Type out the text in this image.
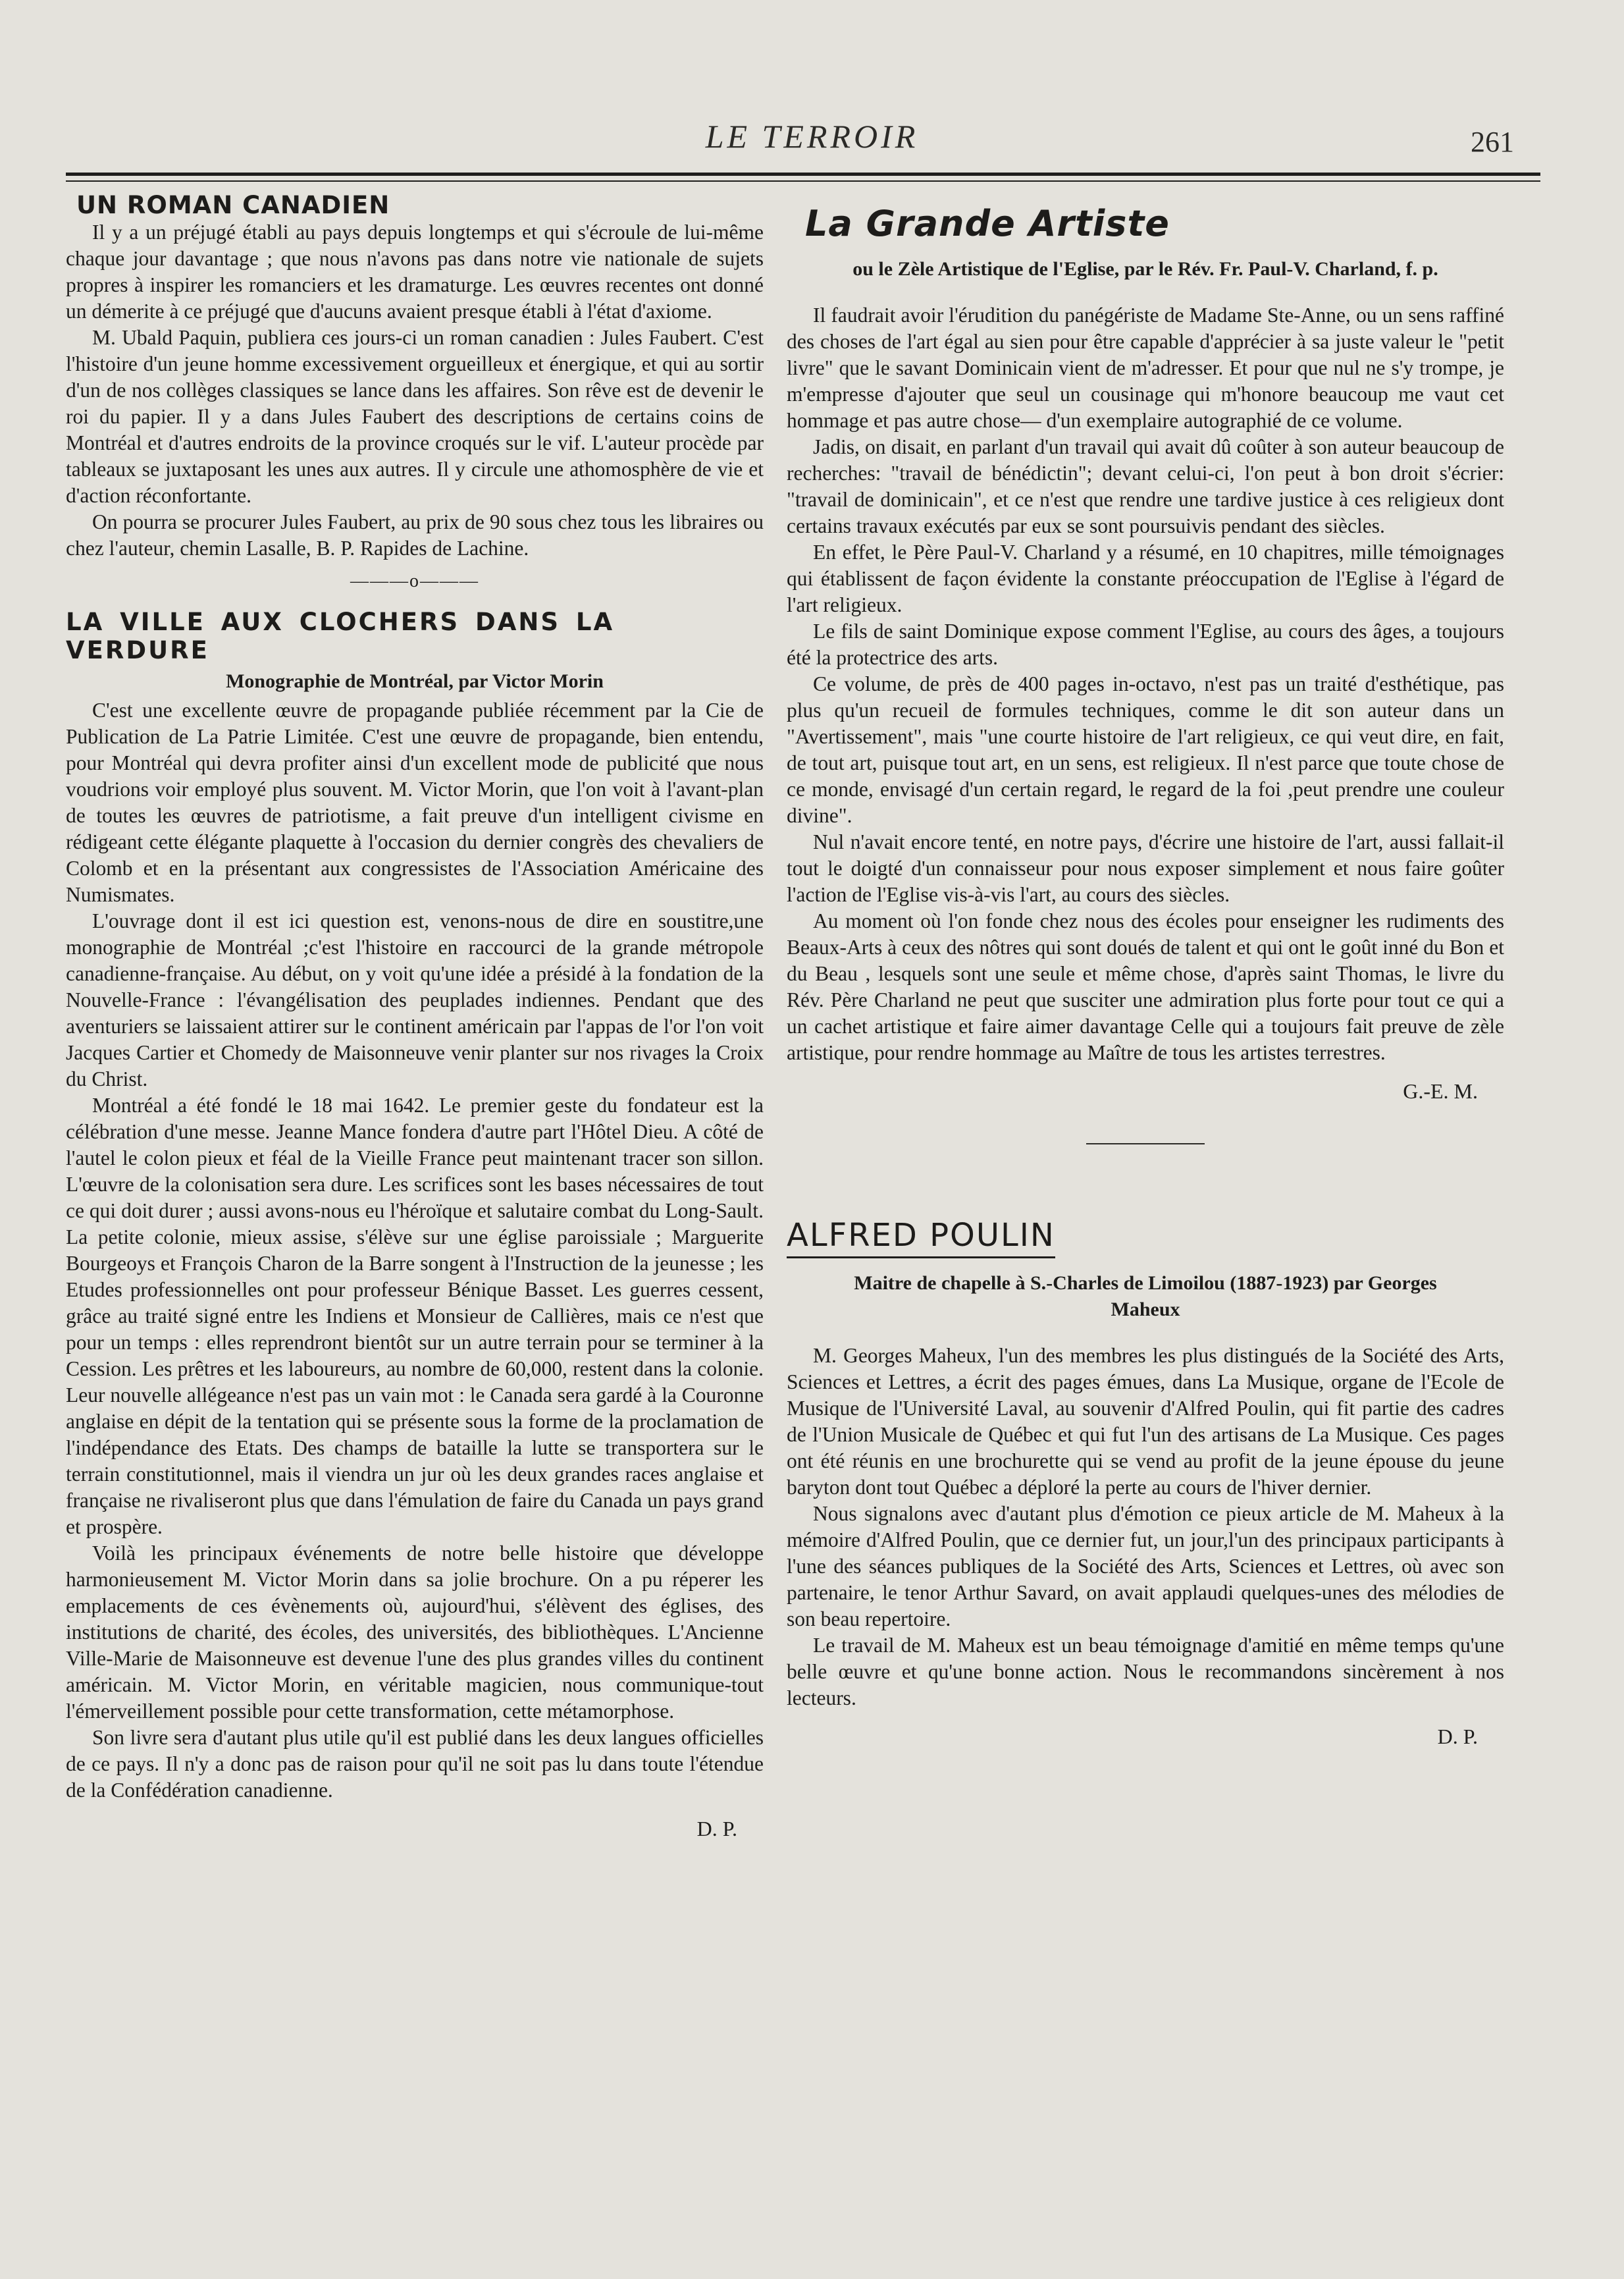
LE TERROIR	261
UN ROMAN CANADIEN

Il y a un préjugé établi au pays depuis longtemps et qui s'écroule de lui-même chaque jour davantage ; que nous n'avons pas dans notre vie nationale de sujets propres à inspirer les romanciers et les dramaturge. Les œuvres recentes ont donné un démerite à ce préjugé que d'aucuns avaient presque établi à l'état d'axiome.

M. Ubald Paquin, publiera ces jours-ci un roman canadien : Jules Faubert. C'est l'histoire d'un jeune homme excessivement orgueilleux et énergique, et qui au sortir d'un de nos collèges classiques se lance dans les affaires. Son rêve est de devenir le roi du papier. Il y a dans Jules Faubert des descriptions de certains coins de Montréal et d'autres endroits de la province croqués sur le vif. L'auteur procède par tableaux se juxtaposant les unes aux autres. Il y circule une athomosphère de vie et d'action réconfortante.

On pourra se procurer Jules Faubert, au prix de 90 sous chez tous les libraires ou chez l'auteur, chemin Lasalle, B. P. Rapides de Lachine.

———o———
LA VILLE AUX CLOCHERS DANS LA VERDURE
Monographie de Montréal, par Victor Morin

C'est une excellente œuvre de propagande publiée récemment par la Cie de Publication de La Patrie Limitée. C'est une œuvre de propagande, bien entendu, pour Montréal qui devra profiter ainsi d'un excellent mode de publicité que nous voudrions voir employé plus souvent. M. Victor Morin, que l'on voit à l'avant-plan de toutes les œuvres de patriotisme, a fait preuve d'un intelligent civisme en rédigeant cette élégante plaquette à l'occasion du dernier congrès des chevaliers de Colomb et en la présentant aux congressistes de l'Association Américaine des Numismates.

L'ouvrage dont il est ici question est, venons-nous de dire en soustitre,une monographie de Montréal ;c'est l'histoire en raccourci de la grande métropole canadienne-française. Au début, on y voit qu'une idée a présidé à la fondation de la Nouvelle-France : l'évangélisation des peuplades indiennes. Pendant que des aventuriers se laissaient attirer sur le continent américain par l'appas de l'or l'on voit Jacques Cartier et Chomedy de Maisonneuve venir planter sur nos rivages la Croix du Christ.

Montréal a été fondé le 18 mai 1642. Le premier geste du fondateur est la célébration d'une messe. Jeanne Mance fondera d'autre part l'Hôtel Dieu. A côté de l'autel le colon pieux et féal de la Vieille France peut maintenant tracer son sillon. L'œuvre de la colonisation sera dure. Les scrifices sont les bases nécessaires de tout ce qui doit durer ; aussi avons-nous eu l'héroïque et salutaire combat du Long-Sault. La petite colonie, mieux assise, s'élève sur une église paroissiale ; Marguerite Bourgeoys et François Charon de la Barre songent à l'Instruction de la jeunesse ; les Etudes professionnelles ont pour professeur Bénique Basset. Les guerres cessent, grâce au traité signé entre les Indiens et Monsieur de Callières, mais ce n'est que pour un temps : elles reprendront bientôt sur un autre terrain pour se terminer à la Cession. Les prêtres et les laboureurs, au nombre de 60,000, restent dans la colonie. Leur nouvelle allégeance n'est pas un vain mot : le Canada sera gardé à la Couronne anglaise en dépit de la tentation qui se présente sous la forme de la proclamation de l'indépendance des Etats. Des champs de bataille la lutte se transportera sur le terrain constitutionnel, mais il viendra un jur où les deux grandes races anglaise et française ne rivaliseront plus que dans l'émulation de faire du Canada un pays grand et prospère.

Voilà les principaux événements de notre belle histoire que développe harmonieusement M. Victor Morin dans sa jolie brochure. On a pu réperer les emplacements de ces évènements où, aujourd'hui, s'élèvent des églises, des institutions de charité, des écoles, des universités, des bibliothèques. L'Ancienne Ville-Marie de Maisonneuve est devenue l'une des plus grandes villes du continent américain. M. Victor Morin, en véritable magicien, nous communique-tout l'émerveillement possible pour cette transformation, cette métamorphose.

Son livre sera d'autant plus utile qu'il est publié dans les deux langues officielles de ce pays. Il n'y a donc pas de raison pour qu'il ne soit pas lu dans toute l'étendue de la Confédération canadienne.

D. P.
La Grande Artiste
ou le Zèle Artistique de l'Eglise, par le Rév. Fr. Paul-V. Charland, f. p.

Il faudrait avoir l'érudition du panégériste de Madame Ste-Anne, ou un sens raffiné des choses de l'art égal au sien pour être capable d'apprécier à sa juste valeur le "petit livre" que le savant Dominicain vient de m'adresser. Et pour que nul ne s'y trompe, je m'empresse d'ajouter que seul un cousinage qui m'honore beaucoup me vaut cet hommage et pas autre chose— d'un exemplaire autographié de ce volume.

Jadis, on disait, en parlant d'un travail qui avait dû coûter à son auteur beaucoup de recherches: "travail de bénédictin"; devant celui-ci, l'on peut à bon droit s'écrier: "travail de dominicain", et ce n'est que rendre une tardive justice à ces religieux dont certains travaux exécutés par eux se sont poursuivis pendant des siècles.

En effet, le Père Paul-V. Charland y a résumé, en 10 chapitres, mille témoignages qui établissent de façon évidente la constante préoccupation de l'Eglise à l'égard de l'art religieux.

Le fils de saint Dominique expose comment l'Eglise, au cours des âges, a toujours été la protectrice des arts.

Ce volume, de près de 400 pages in-octavo, n'est pas un traité d'esthétique, pas plus qu'un recueil de formules techniques, comme le dit son auteur dans un "Avertissement", mais "une courte histoire de l'art religieux, ce qui veut dire, en fait, de tout art, puisque tout art, en un sens, est religieux. Il n'est parce que toute chose de ce monde, envisagé d'un certain regard, le regard de la foi ,peut prendre une couleur divine".

Nul n'avait encore tenté, en notre pays, d'écrire une histoire de l'art, aussi fallait-il tout le doigté d'un connaisseur pour nous exposer simplement et nous faire goûter l'action de l'Eglise vis-à-vis l'art, au cours des siècles.

Au moment où l'on fonde chez nous des écoles pour enseigner les rudiments des Beaux-Arts à ceux des nôtres qui sont doués de talent et qui ont le goût inné du Bon et du Beau , lesquels sont une seule et même chose, d'après saint Thomas, le livre du Rév. Père Charland ne peut que susciter une admiration plus forte pour tout ce qui a un cachet artistique et faire aimer davantage Celle qui a toujours fait preuve de zèle artistique, pour rendre hommage au Maître de tous les artistes terrestres.

G.-E. M.
ALFRED POULIN
Maitre de chapelle à S.-Charles de Limoilou (1887-1923) par Georges Maheux

M. Georges Maheux, l'un des membres les plus distingués de la Société des Arts, Sciences et Lettres, a écrit des pages émues, dans La Musique, organe de l'Ecole de Musique de l'Université Laval, au souvenir d'Alfred Poulin, qui fit partie des cadres de l'Union Musicale de Québec et qui fut l'un des artisans de La Musique. Ces pages ont été réunis en une brochurette qui se vend au profit de la jeune épouse du jeune baryton dont tout Québec a déploré la perte au cours de l'hiver dernier.

Nous signalons avec d'autant plus d'émotion ce pieux article de M. Maheux à la mémoire d'Alfred Poulin, que ce dernier fut, un jour,l'un des principaux participants à l'une des séances publiques de la Société des Arts, Sciences et Lettres, où avec son partenaire, le tenor Arthur Savard, on avait applaudi quelques-unes des mélodies de son beau repertoire.

Le travail de M. Maheux est un beau témoignage d'amitié en même temps qu'une belle œuvre et qu'une bonne action. Nous le recommandons sincèrement à nos lecteurs.

D. P.
